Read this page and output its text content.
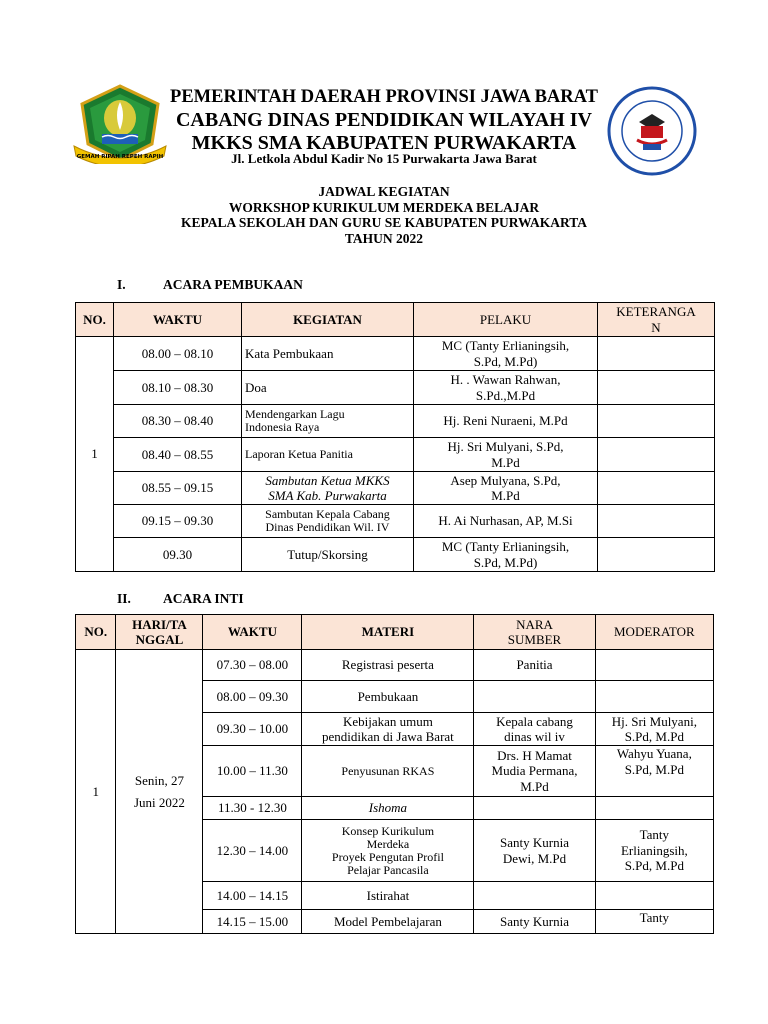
GEMAH RIPAH REPEH RAPIH
PEMERINTAH DAERAH PROVINSI JAWA BARAT
CABANG DINAS PENDIDIKAN WILAYAH IV
MKKS SMA KABUPATEN PURWAKARTA
Jl. Letkola Abdul Kadir No 15 Purwakarta Jawa Barat
JADWAL KEGIATAN
WORKSHOP KURIKULUM MERDEKA BELAJAR
KEPALA SEKOLAH DAN GURU SE KABUPATEN PURWAKARTA
TAHUN 2022
I.	ACARA PEMBUKAAN
NO.	WAKTU	KEGIATAN	PELAKU	KETERANGA
N

1	08.00 – 08.10	Kata Pembukaan	MC (Tanty Erlianingsih,
S.Pd, M.Pd)	

	08.10 – 08.30	Doa	H. . Wawan Rahwan,
S.Pd.,M.Pd	

	08.30 – 08.40	Mendengarkan Lagu
Indonesia Raya	Hj. Reni Nuraeni, M.Pd	
	08.40 – 08.55	Laporan Ketua Panitia	Hj. Sri Mulyani, S.Pd,
M.Pd	

	08.55 – 09.15	Sambutan Ketua MKKS
SMA Kab. Purwakarta	Asep Mulyana, S.Pd,
M.Pd	

	09.15 – 09.30	Sambutan Kepala Cabang
Dinas Pendidikan Wil. IV	H. Ai Nurhasan, AP, M.Si	
	09.30	Tutup/Skorsing	MC (Tanty Erlianingsih,
S.Pd, M.Pd)	

II. ACARA INTI
NO.	HARI/TA
NGGAL	WAKTU	MATERI	NARA
SUMBER	MODERATOR
1	Senin, 27
Juni 2022	07.30 – 08.00	Registrasi peserta	Panitia	
		08.00 – 09.30	Pembukaan		
		09.30 – 10.00	Kebijakan umum
pendidikan di Jawa Barat	Kepala cabang
dinas wil iv	Hj. Sri Mulyani,
S.Pd, M.Pd

		10.00 – 11.30	Penyusunan RKAS	Drs. H Mamat
Mudia Permana,
M.Pd	Wahyu Yuana,
S.Pd, M.Pd

		11.30 - 12.30	Ishoma		
		12.30 – 14.00	Konsep Kurikulum
Merdeka
Proyek Pengutan Profil
Pelajar Pancasila	Santy Kurnia
Dewi, M.Pd	Tanty
Erlianingsih,
S.Pd, M.Pd

		14.00 – 14.15	Istirahat		
		14.15 – 15.00	Model Pembelajaran	Santy Kurnia	Tanty
